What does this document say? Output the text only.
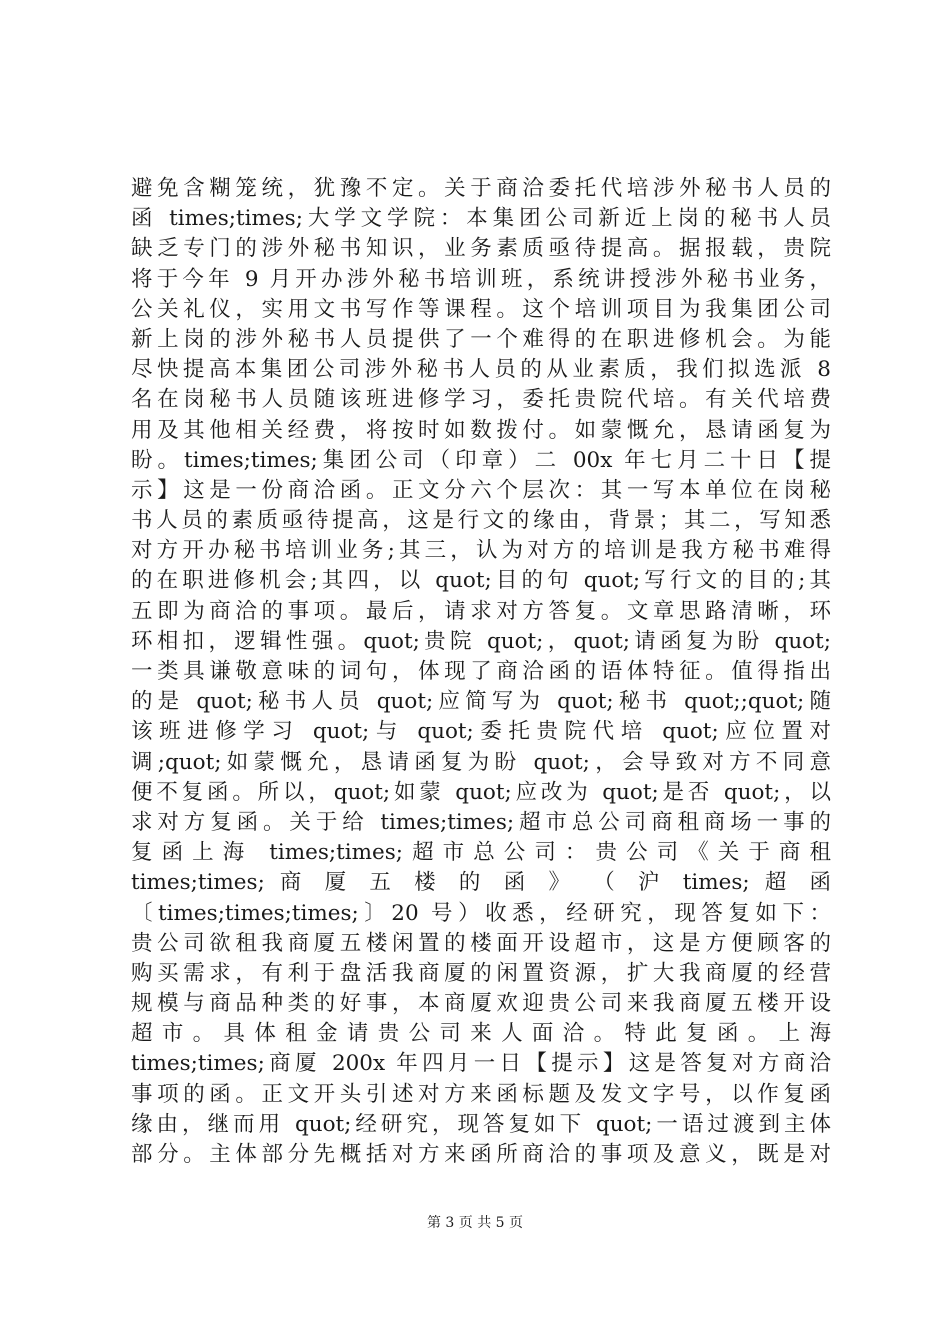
避免含糊笼统，犹豫不定。关于商洽委托代培涉外秘书人员的
函 times;times;大学文学院：本集团公司新近上岗的秘书人员
缺乏专门的涉外秘书知识，业务素质亟待提高。据报载，贵院
将于今年 9 月开办涉外秘书培训班，系统讲授涉外秘书业务，
公关礼仪，实用文书写作等课程。这个培训项目为我集团公司
新上岗的涉外秘书人员提供了一个难得的在职进修机会。为能
尽快提高本集团公司涉外秘书人员的从业素质，我们拟选派 8
名在岗秘书人员随该班进修学习，委托贵院代培。有关代培费
用及其他相关经费，将按时如数拨付。如蒙慨允，恳请函复为
盼。times;times;集团公司（印章）二 00x 年七月二十日【提
示】这是一份商洽函。正文分六个层次：其一写本单位在岗秘
书人员的素质亟待提高，这是行文的缘由，背景；其二，写知悉
对方开办秘书培训业务;其三，认为对方的培训是我方秘书难得
的在职进修机会;其四，以 quot;目的句 quot;写行文的目的;其
五即为商洽的事项。最后，请求对方答复。文章思路清晰，环
环相扣，逻辑性强。quot;贵院 quot;，quot;请函复为盼 quot;
一类具谦敬意味的词句，体现了商洽函的语体特征。值得指出
的是 quot;秘书人员 quot;应简写为 quot;秘书 quot;;quot;随
该班进修学习 quot;与 quot;委托贵院代培 quot;应位置对
调;quot;如蒙慨允，恳请函复为盼 quot;，会导致对方不同意
便不复函。所以，quot;如蒙 quot;应改为 quot;是否 quot;，以
求对方复函。关于给 times;times;超市总公司商租商场一事的
复函上海 times;times;超市总公司：贵公司《关于商租
times;times; 商 厦 五 楼 的 函 》 （ 沪 times; 超 函
〔times;times;times;〕20 号）收悉，经研究，现答复如下：
贵公司欲租我商厦五楼闲置的楼面开设超市，这是方便顾客的
购买需求，有利于盘活我商厦的闲置资源，扩大我商厦的经营
规模与商品种类的好事，本商厦欢迎贵公司来我商厦五楼开设
超市。具体租金请贵公司来人面洽。特此复函。上海
times;times;商厦 200x 年四月一日【提示】这是答复对方商洽
事项的函。正文开头引述对方来函标题及发文字号，以作复函
缘由，继而用 quot;经研究，现答复如下 quot;一语过渡到主体
部分。主体部分先概括对方来函所商洽的事项及意义，既是对
第 3 页 共 5 页
